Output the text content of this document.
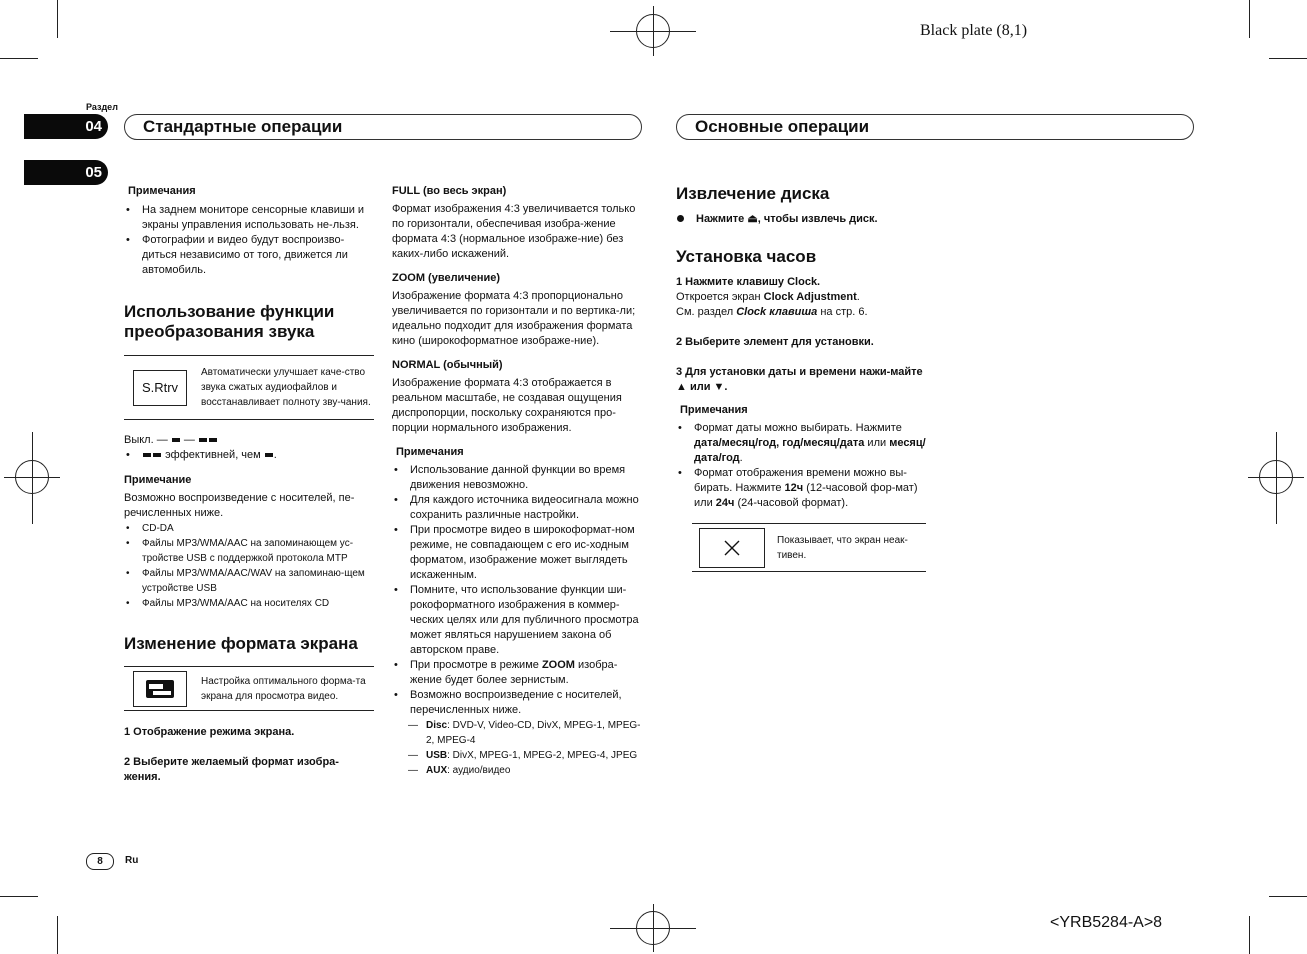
Black plate (8,1)
Раздел
04
05
Стандартные операции	Основные операции

Примечания

• На заднем мониторе сенсорные клавиши и экраны управления использовать не-льзя.

• Фотографии и видео будут воспроизво-диться независимо от того, движется ли автомобиль.

Использование функции преобразования звука

S.Rtrv

Автоматически улучшает каче-ство звука сжатых аудиофайлов и восстанавливает полноту зву-чания.

Выкл. —  —

• эффективней, чем .

Примечание

Возможно воспроизведение с носителей, пе-речисленных ниже.

• CD-DA

• Файлы MP3/WMA/AAC на запоминающем ус-тройстве USB с поддержкой протокола MTP

• Файлы MP3/WMA/AAC/WAV на запоминаю-щем устройстве USB

• Файлы MP3/WMA/AAC на носителях CD

Изменение формата экрана

Настройка оптимального форма-та экрана для просмотра видео.

1 Отображение режима экрана.

2 Выберите желаемый формат изобра-жения.

FULL (во весь экран)

Формат изображения 4:3 увеличивается только по горизонтали, обеспечивая изобра-жение формата 4:3 (нормальное изображе-ние) без каких-либо искажений.

ZOOM (увеличение)

Изображение формата 4:3 пропорционально увеличивается по горизонтали и по вертика-ли; идеально подходит для изображения формата кино (широкоформатное изображе-ние).

NORMAL (обычный)

Изображение формата 4:3 отображается в реальном масштабе, не создавая ощущения диспропорции, поскольку сохраняются про-порции нормального изображения.

Примечания

• Использование данной функции во время движения невозможно.

• Для каждого источника видеосигнала можно сохранить различные настройки.

• При просмотре видео в широкоформат-ном режиме, не совпадающем с его ис-ходным форматом, изображение может выглядеть искаженным.

• Помните, что использование функции ши-рокоформатного изображения в коммер-ческих целях или для публичного просмотра может являться нарушением закона об авторском праве.

• При просмотре в режиме ZOOM изобра-жение будет более зернистым.

• Возможно воспроизведение с носителей, перечисленных ниже.

— Disc: DVD-V, Video-CD, DivX, MPEG-1, MPEG-2, MPEG-4

— USB: DivX, MPEG-1, MPEG-2, MPEG-4, JPEG

— AUX: аудио/видео

Извлечение диска

Нажмите ⏏, чтобы извлечь диск.

Установка часов

1 Нажмите клавишу Clock.

Откроется экран Clock Adjustment.

См. раздел Clock клавиша на стр. 6.

2 Выберите элемент для установки.

3 Для установки даты и времени нажи-майте ▲ или ▼.

Примечания

• Формат даты можно выбирать. Нажмите дата/месяц/год, год/месяц/дата или месяц/дата/год.

• Формат отображения времени можно вы-бирать. Нажмите 12ч (12-часовой фор-мат) или 24ч (24-часовой формат).

Показывает, что экран неак-тивен.

8	Ru
<YRB5284-A>8
